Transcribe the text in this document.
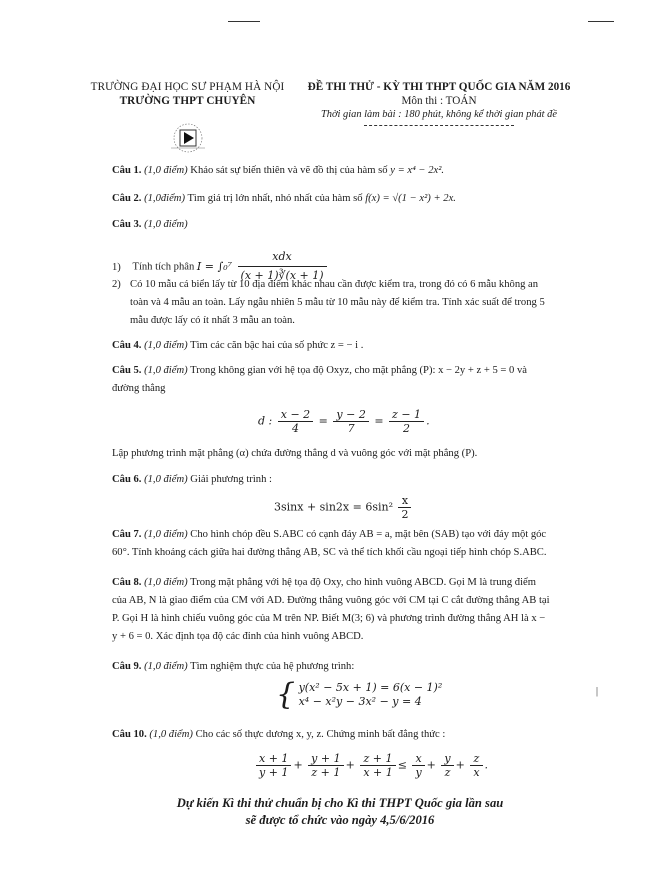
TRƯỜNG ĐẠI HỌC SƯ PHẠM HÀ NỘI
TRƯỜNG THPT CHUYÊN
ĐỀ THI THỬ - KỲ THI THPT QUỐC GIA NĂM 2016
Môn thi : TOÁN
Thời gian làm bài : 180 phút, không kể thời gian phát đề
Câu 1. (1,0 điểm) Khảo sát sự biến thiên và vẽ đồ thị của hàm số y = x⁴ − 2x².
Câu 2. (1,0điểm) Tìm giá trị lớn nhất, nhỏ nhất của hàm số f(x) = √(1 − x²) + 2x.
Câu 3. (1,0 điểm)
1) Tính tích phân $I = \int_0^7 \frac{\text{xdx}}{(x + 1)∛(x + 1)}$
2) Có 10 mẫu cá biển lấy từ 10 địa điểm khác nhau cần được kiểm tra, trong đó có 6 mẫu không an toàn và 4 mẫu an toàn. Lấy ngẫu nhiên 5 mẫu từ 10 mẫu này để kiểm tra. Tính xác suất để trong 5 mẫu được lấy có ít nhất 3 mẫu an toàn.
Câu 4. (1,0 điểm) Tìm các căn bậc hai của số phức z = − i .
Câu 5. (1,0 điểm) Trong không gian với hệ tọa độ Oxyz, cho mặt phẳng (P): x − 2y + z + 5 = 0 và đường thẳng
d : $\frac{x - 2}{4} = \frac{y - 2}{7} = \frac{z - 1}{2}$ .
Lập phương trình mặt phẳng (α) chứa đường thẳng d và vuông góc với mặt phẳng (P).
Câu 6. (1,0 điểm) Giải phương trình :
$3\sin x + \sin 2x = 6\sin^2 \frac{x}{2}$
Câu 7. (1,0 điểm) Cho hình chóp đều S.ABC có cạnh đáy AB = a, mặt bên (SAB) tạo với đáy một góc 60°. Tính khoảng cách giữa hai đường thẳng AB, SC và thể tích khối cầu ngoại tiếp hình chóp S.ABC.
Câu 8. (1,0 điểm) Trong mặt phẳng với hệ tọa độ Oxy, cho hình vuông ABCD. Gọi M là trung điểm của AB, N là giao điểm của CM với AD. Đường thẳng vuông góc với CM tại C cắt đường thẳng AB tại P. Gọi H là hình chiếu vuông góc của M trên NP. Biết M(3; 6) và phương trình đường thẳng AH là x − y + 6 = 0. Xác định tọa độ các đỉnh của hình vuông ABCD.
Câu 9. (1,0 điểm) Tìm nghiệm thực của hệ phương trình:
{ y(x² − 5x + 1) = 6(x − 1)²
x⁴ − x²y − 3x² − y = 4
|
Câu 10. (1,0 điểm) Cho các số thực dương x, y, z. Chứng minh bất đẳng thức :
$\frac{x + 1}{y + 1} + \frac{y + 1}{z + 1} + \frac{z + 1}{x + 1} \le \frac{x}{y} + \frac{y}{z} + \frac{z}{x}$ .
Dự kiến Kì thi thử chuẩn bị cho Kì thi THPT Quốc gia lần sau
sẽ được tổ chức vào ngày 4,5/6/2016
